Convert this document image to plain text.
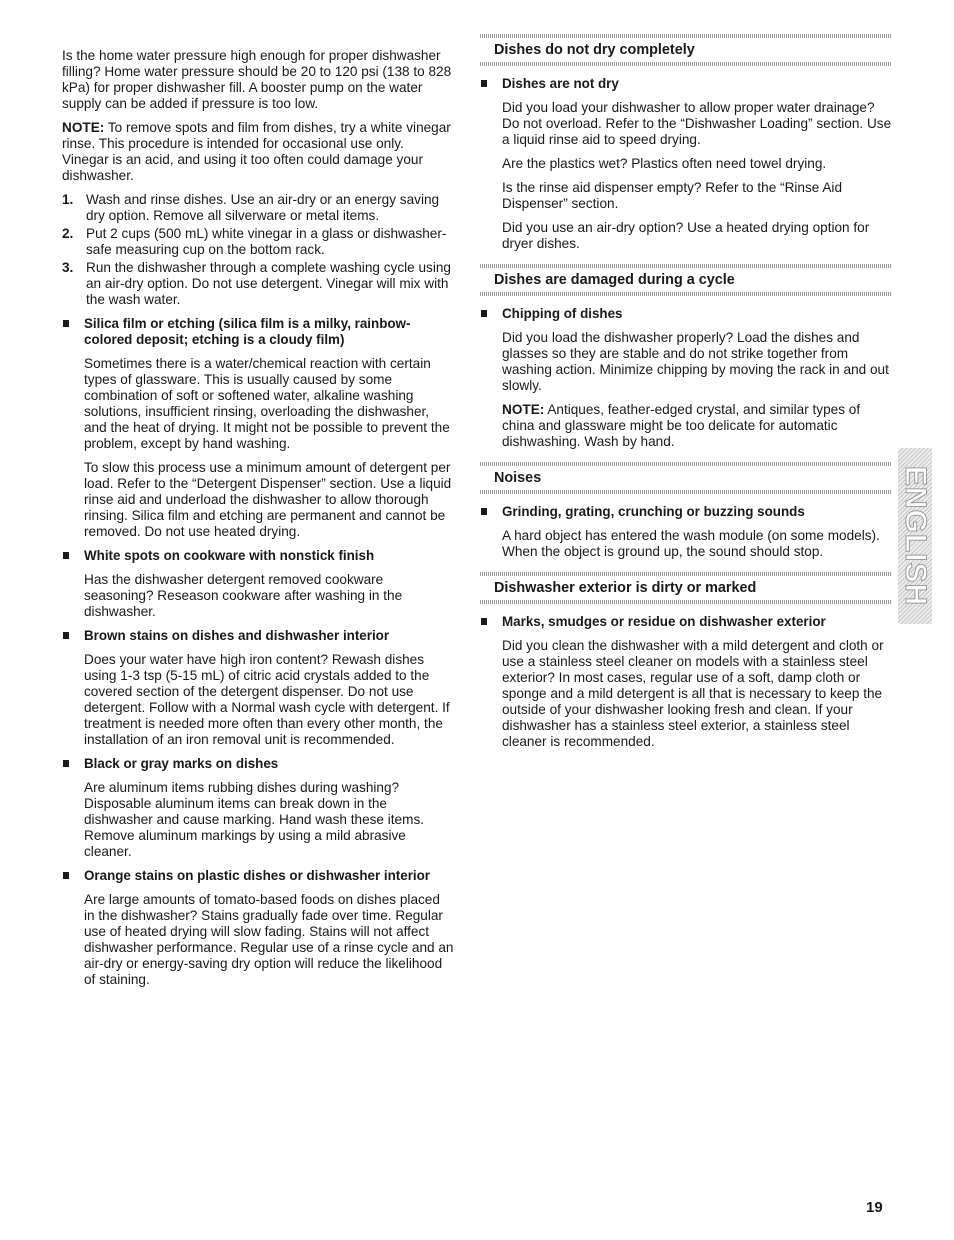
Is the home water pressure high enough for proper dishwasher filling? Home water pressure should be 20 to 120 psi (138 to 828 kPa) for proper dishwasher fill. A booster pump on the water supply can be added if pressure is too low.

NOTE: To remove spots and film from dishes, try a white vinegar rinse. This procedure is intended for occasional use only. Vinegar is an acid, and using it too often could damage your dishwasher.

1. Wash and rinse dishes. Use an air-dry or an energy saving dry option. Remove all silverware or metal items.
2. Put 2 cups (500 mL) white vinegar in a glass or dishwasher-safe measuring cup on the bottom rack.
3. Run the dishwasher through a complete washing cycle using an air-dry option. Do not use detergent. Vinegar will mix with the wash water.
Silica film or etching (silica film is a milky, rainbow-colored deposit; etching is a cloudy film)

Sometimes there is a water/chemical reaction with certain types of glassware. This is usually caused by some combination of soft or softened water, alkaline washing solutions, insufficient rinsing, overloading the dishwasher, and the heat of drying. It might not be possible to prevent the problem, except by hand washing.

To slow this process use a minimum amount of detergent per load. Refer to the “Detergent Dispenser” section. Use a liquid rinse aid and underload the dishwasher to allow thorough rinsing. Silica film and etching are permanent and cannot be removed. Do not use heated drying.

White spots on cookware with nonstick finish

Has the dishwasher detergent removed cookware seasoning? Reseason cookware after washing in the dishwasher.

Brown stains on dishes and dishwasher interior

Does your water have high iron content? Rewash dishes using 1-3 tsp (5-15 mL) of citric acid crystals added to the covered section of the detergent dispenser. Do not use detergent. Follow with a Normal wash cycle with detergent. If treatment is needed more often than every other month, the installation of an iron removal unit is recommended.

Black or gray marks on dishes

Are aluminum items rubbing dishes during washing? Disposable aluminum items can break down in the dishwasher and cause marking. Hand wash these items. Remove aluminum markings by using a mild abrasive cleaner.

Orange stains on plastic dishes or dishwasher interior

Are large amounts of tomato-based foods on dishes placed in the dishwasher? Stains gradually fade over time. Regular use of heated drying will slow fading. Stains will not affect dishwasher performance. Regular use of a rinse cycle and an air-dry or energy-saving dry option will reduce the likelihood of staining.

Dishes do not dry completely
Dishes are not dry

Did you load your dishwasher to allow proper water drainage? Do not overload. Refer to the “Dishwasher Loading” section. Use a liquid rinse aid to speed drying.

Are the plastics wet? Plastics often need towel drying.

Is the rinse aid dispenser empty? Refer to the “Rinse Aid Dispenser” section.

Did you use an air-dry option? Use a heated drying option for dryer dishes.

Dishes are damaged during a cycle
Chipping of dishes

Did you load the dishwasher properly? Load the dishes and glasses so they are stable and do not strike together from washing action. Minimize chipping by moving the rack in and out slowly.

NOTE: Antiques, feather-edged crystal, and similar types of china and glassware might be too delicate for automatic dishwashing. Wash by hand.

Noises
Grinding, grating, crunching or buzzing sounds

A hard object has entered the wash module (on some models). When the object is ground up, the sound should stop.

Dishwasher exterior is dirty or marked
Marks, smudges or residue on dishwasher exterior

Did you clean the dishwasher with a mild detergent and cloth or use a stainless steel cleaner on models with a stainless steel exterior? In most cases, regular use of a soft, damp cloth or sponge and a mild detergent is all that is necessary to keep the outside of your dishwasher looking fresh and clean. If your dishwasher has a stainless steel exterior, a stainless steel cleaner is recommended.

ENGLISH
19
